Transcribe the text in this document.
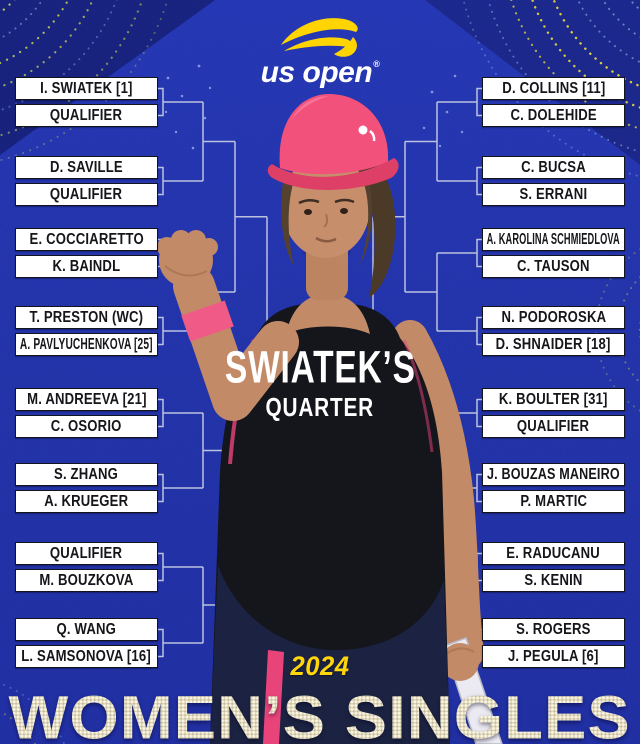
us open®
I. SWIATEK [1]
QUALIFIER
D. SAVILLE
QUALIFIER
E. COCCIARETTO
K. BAINDL
T. PRESTON (WC)
A. PAVLYUCHENKOVA [25]
M. ANDREEVA [21]
C. OSORIO
S. ZHANG
A. KRUEGER
QUALIFIER
M. BOUZKOVA
Q. WANG
L. SAMSONOVA [16]
D. COLLINS [11]
C. DOLEHIDE
C. BUCSA
S. ERRANI
A. KAROLINA SCHMIEDLOVA
C. TAUSON
N. PODOROSKA
D. SHNAIDER [18]
K. BOULTER [31]
QUALIFIER
J. BOUZAS MANEIRO
P. MARTIC
E. RADUCANU
S. KENIN
S. ROGERS
J. PEGULA [6]
SWIATEK’S
QUARTER
2024
WOMEN’S SINGLES
